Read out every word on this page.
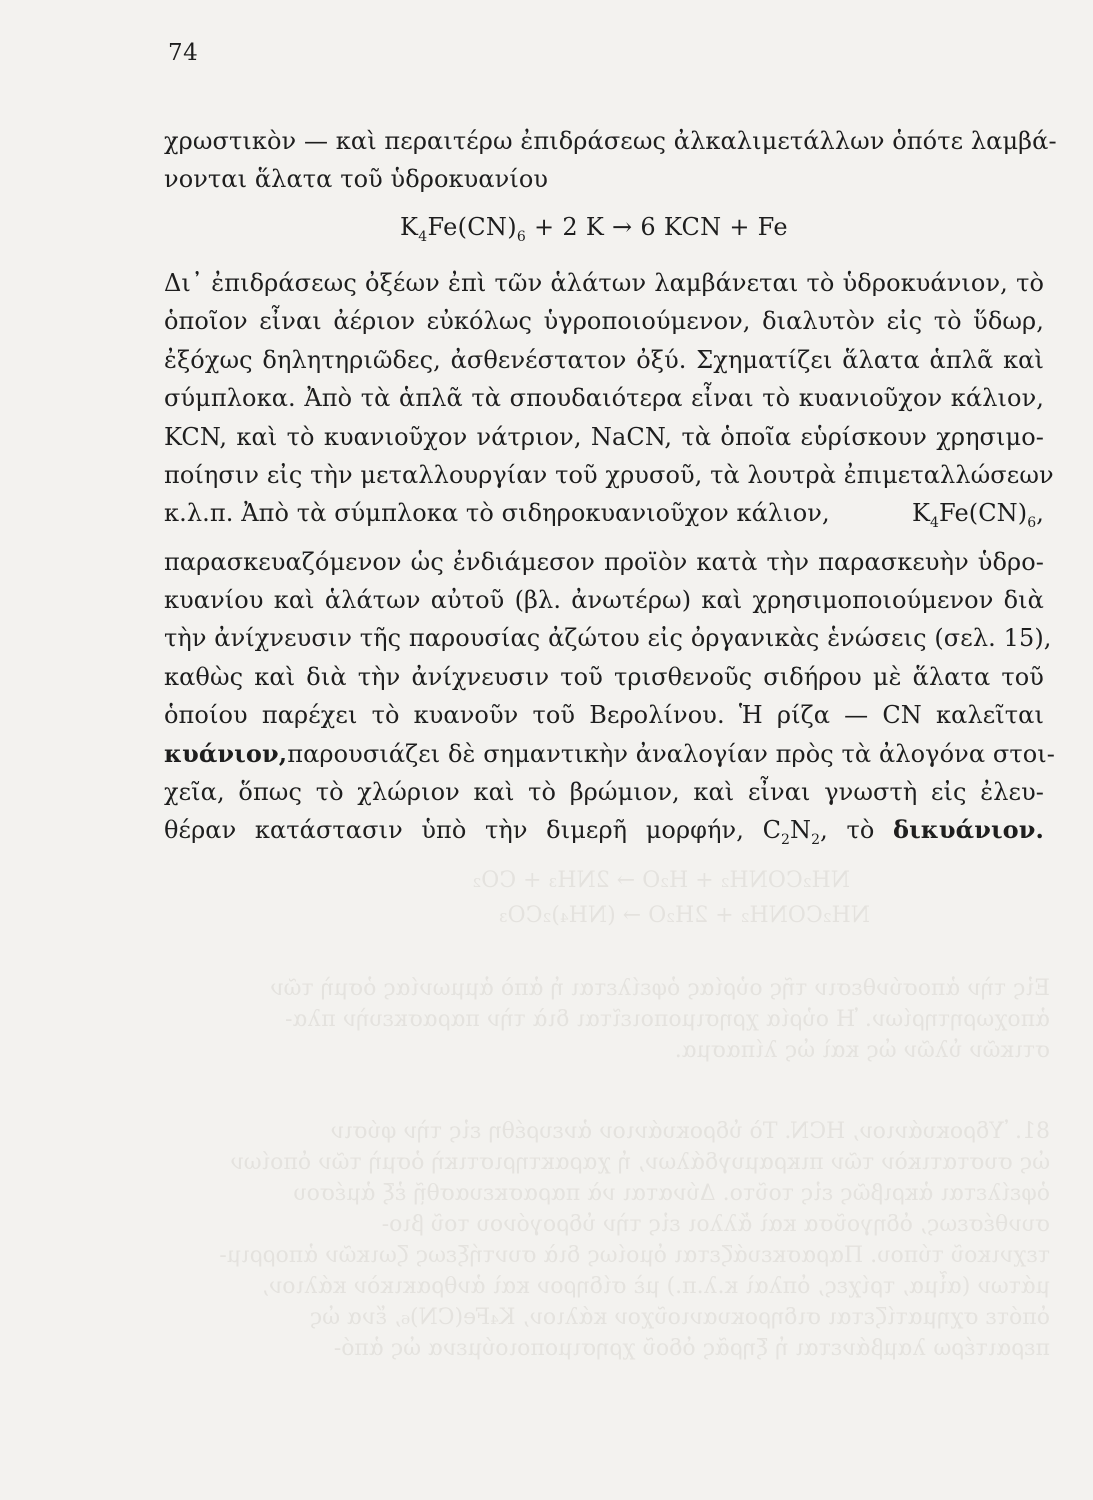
ΝΗ₂CONH₂ + H₂O → 2NH₃ + CO₂
NH₂CONH₂ + 2H₂O → (NH₄)₂CO₃
Εἰς τὴν ἀποσύνθεσιν τῆς οὐρίας ὀφείλεται ἡ ἀπὸ ἀμμωνίας ὀσμὴ τῶν
ἀποχωρητηρίων. Ἡ οὐρία χρησιμοποιεῖται διὰ τὴν παρασκευὴν πλα-
στικῶν ὑλῶν ὡς καὶ ὡς λίπασμα.
81. Ὑδροκυάνιον, HCN. Τὸ ὑδροκυάνιον ἀνευρέθη εἰς τὴν φύσιν
ὡς συστατικὸν τῶν πικραμυγδάλων, ἡ χαρακτηριστικὴ ὀσμὴ τῶν ὁποίων
ὀφείλεται ἀκριβῶς εἰς τοῦτο. Δύναται νὰ παρασκευασθῇ ἐξ ἀμέσου
συνθέσεως, ὁδηγοῦσα καὶ ἄλλοι εἰς τὴν ὑδρογόνου τοῦ βιο-
τεχνικοῦ τύπου. Παρασκευάζεται ὁμοίως διὰ συντήξεως ζωικῶν ἀπορριμ-
μάτων (αἷμα, τρίχες, ὁπλαὶ κ.λ.π.) μὲ σίδηρον καὶ ἀνθρακικὸν κάλιον,
ὁπότε σχηματίζεται σιδηροκυανιοῦχον κάλιον, K₄Fe(CN)₆, ἕνα ὡς
περαιτέρω λαμβάνεται ἡ ξηρᾶς ὁδοῦ χρησιμοποιούμενα ὡς ἀπό-
74
χρωστικὸν — καὶ περαιτέρω ἐπιδράσεως ἀλκαλιμετάλλων ὁπότε λαμβά-
νονται ἅλατα τοῦ ὑδροκυανίου
$K_4Fe(CN)_6 + 2$ K → 6 KCN + Fe
Δι᾿ ἐπιδράσεως ὀξέων ἐπὶ τῶν ἁλάτων λαμβάνεται τὸ ὑδροκυάνιον, τὸ
ὁποῖον εἶναι ἀέριον εὐκόλως ὑγροποιούμενον, διαλυτὸν εἰς τὸ ὕδωρ,
ἐξόχως δηλητηριῶδες, ἀσθενέστατον ὀξύ. Σχηματίζει ἅλατα ἁπλᾶ καὶ
σύμπλοκα. Ἀπὸ τὰ ἁπλᾶ τὰ σπουδαιότερα εἶναι τὸ κυανιοῦχον κάλιον,
KCN, καὶ τὸ κυανιοῦχον νάτριον, NaCN, τὰ ὁποῖα εὑρίσκουν χρησιμο-
ποίησιν εἰς τὴν μεταλλουργίαν τοῦ χρυσοῦ, τὰ λουτρὰ ἐπιμεταλλώσεων
κ.λ.π. Ἀπὸ τὰ σύμπλοκα τὸ σιδηροκυανιοῦχον κάλιον,	$K_4Fe(CN)_6$,
παρασκευαζόμενον ὡς ἐνδιάμεσον προϊὸν κατὰ τὴν παρασκευὴν ὑδρο-
κυανίου καὶ ἁλάτων αὐτοῦ (βλ. ἀνωτέρω) καὶ χρησιμοποιούμενον διὰ
τὴν ἀνίχνευσιν τῆς παρουσίας ἀζώτου εἰς ὀργανικὰς ἑνώσεις (σελ. 15),
καθὼς καὶ διὰ τὴν ἀνίχνευσιν τοῦ τρισθενοῦς σιδήρου μὲ ἅλατα τοῦ
ὁποίου παρέχει τὸ κυανοῦν τοῦ Βερολίνου. Ἡ ρίζα — CN καλεῖται
κυάνιον, παρουσιάζει δὲ σημαντικὴν ἀναλογίαν πρὸς τὰ ἀλογόνα στοι-
χεῖα, ὅπως τὸ χλώριον καὶ τὸ βρώμιον, καὶ εἶναι γνωστὴ εἰς ἐλευ-
θέραν κατάστασιν ὑπὸ τὴν διμερῆ μορφήν, $C_2N_2$, τὸ δικυάνιον.
